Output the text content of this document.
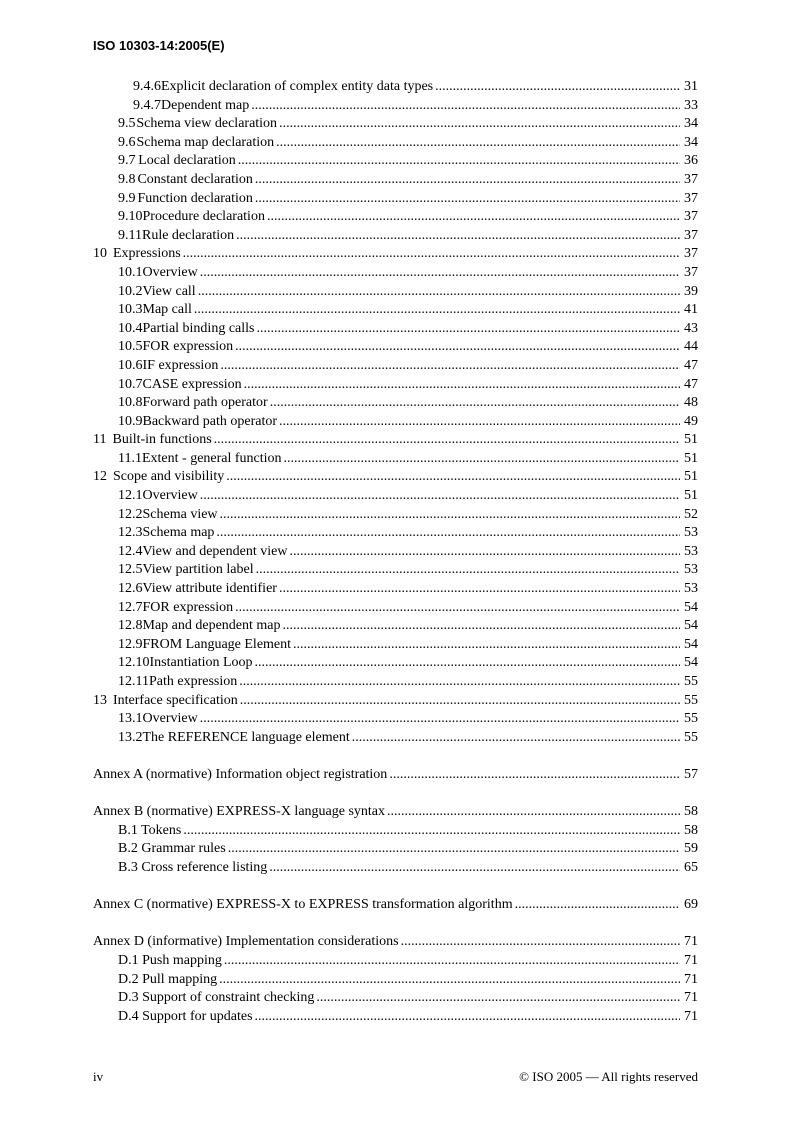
ISO 10303-14:2005(E)
9.4.6 Explicit declaration of complex entity data types .....	31
9.4.7 Dependent map .....	33
9.5 Schema view declaration .....	34
9.6 Schema map declaration .....	34
9.7 Local declaration .....	36
9.8 Constant declaration .....	37
9.9 Function declaration .....	37
9.10 Procedure declaration .....	37
9.11 Rule declaration .....	37
10 Expressions .....	37
10.1 Overview .....	37
10.2 View call .....	39
10.3 Map call .....	41
10.4 Partial binding calls .....	43
10.5 FOR expression .....	44
10.6 IF expression .....	47
10.7 CASE expression .....	47
10.8 Forward path operator .....	48
10.9 Backward path operator .....	49
11 Built-in functions .....	51
11.1 Extent - general function .....	51
12 Scope and visibility .....	51
12.1 Overview .....	51
12.2 Schema view .....	52
12.3 Schema map .....	53
12.4 View and dependent view .....	53
12.5 View partition label .....	53
12.6 View attribute identifier .....	53
12.7 FOR expression .....	54
12.8 Map and dependent map .....	54
12.9 FROM Language Element .....	54
12.10 Instantiation Loop .....	54
12.11 Path expression .....	55
13 Interface specification .....	55
13.1 Overview .....	55
13.2 The REFERENCE language element .....	55
Annex A (normative) Information object registration .....	57
Annex B (normative) EXPRESS-X language syntax .....	58
B.1 Tokens .....	58
B.2 Grammar rules .....	59
B.3 Cross reference listing .....	65
Annex C (normative) EXPRESS-X to EXPRESS transformation algorithm .....	69
Annex D (informative) Implementation considerations .....	71
D.1 Push mapping .....	71
D.2 Pull mapping .....	71
D.3 Support of constraint checking .....	71
D.4 Support for updates .....	71
iv	© ISO 2005 — All rights reserved
